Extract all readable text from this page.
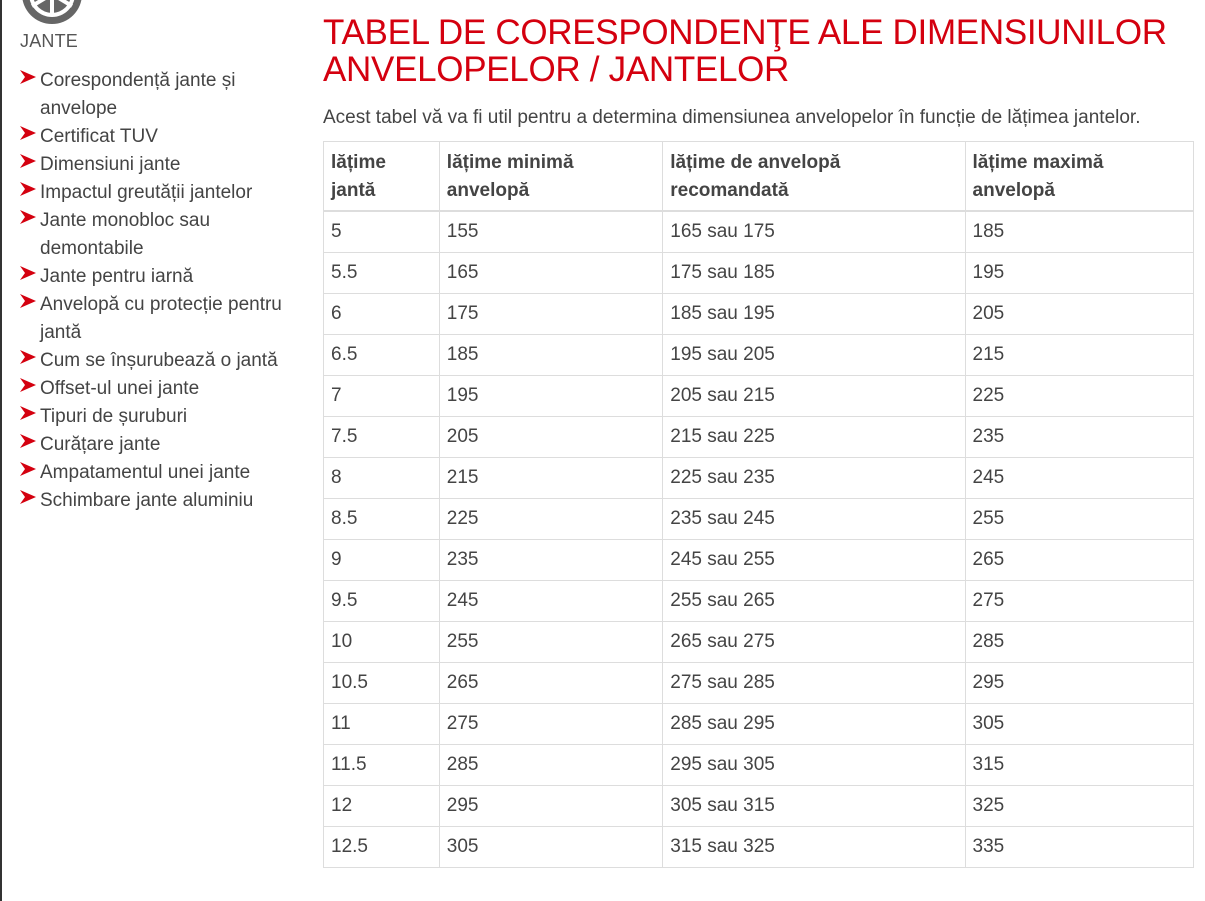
JANTE
Corespondență jante și anvelope
Certificat TUV
Dimensiuni jante
Impactul greutății jantelor
Jante monobloc sau demontabile
Jante pentru iarnă
Anvelopă cu protecție pentru jantă
Cum se înșurubează o jantă
Offset-ul unei jante
Tipuri de șuruburi
Curățare jante
Ampatamentul unei jante
Schimbare jante aluminiu
TABEL DE CORESPONDENŢE ALE DIMENSIUNILOR ANVELOPELOR / JANTELOR

Acest tabel vă va fi util pentru a determina dimensiunea anvelopelor în funcție de lățimea jantelor.

lățime jantă	lățime minimă anvelopă	lățime de anvelopă recomandată	lățime maximă anvelopă
5	155	165 sau 175	185
5.5	165	175 sau 185	195
6	175	185 sau 195	205
6.5	185	195 sau 205	215
7	195	205 sau 215	225
7.5	205	215 sau 225	235
8	215	225 sau 235	245
8.5	225	235 sau 245	255
9	235	245 sau 255	265
9.5	245	255 sau 265	275
10	255	265 sau 275	285
10.5	265	275 sau 285	295
11	275	285 sau 295	305
11.5	285	295 sau 305	315
12	295	305 sau 315	325
12.5	305	315 sau 325	335
